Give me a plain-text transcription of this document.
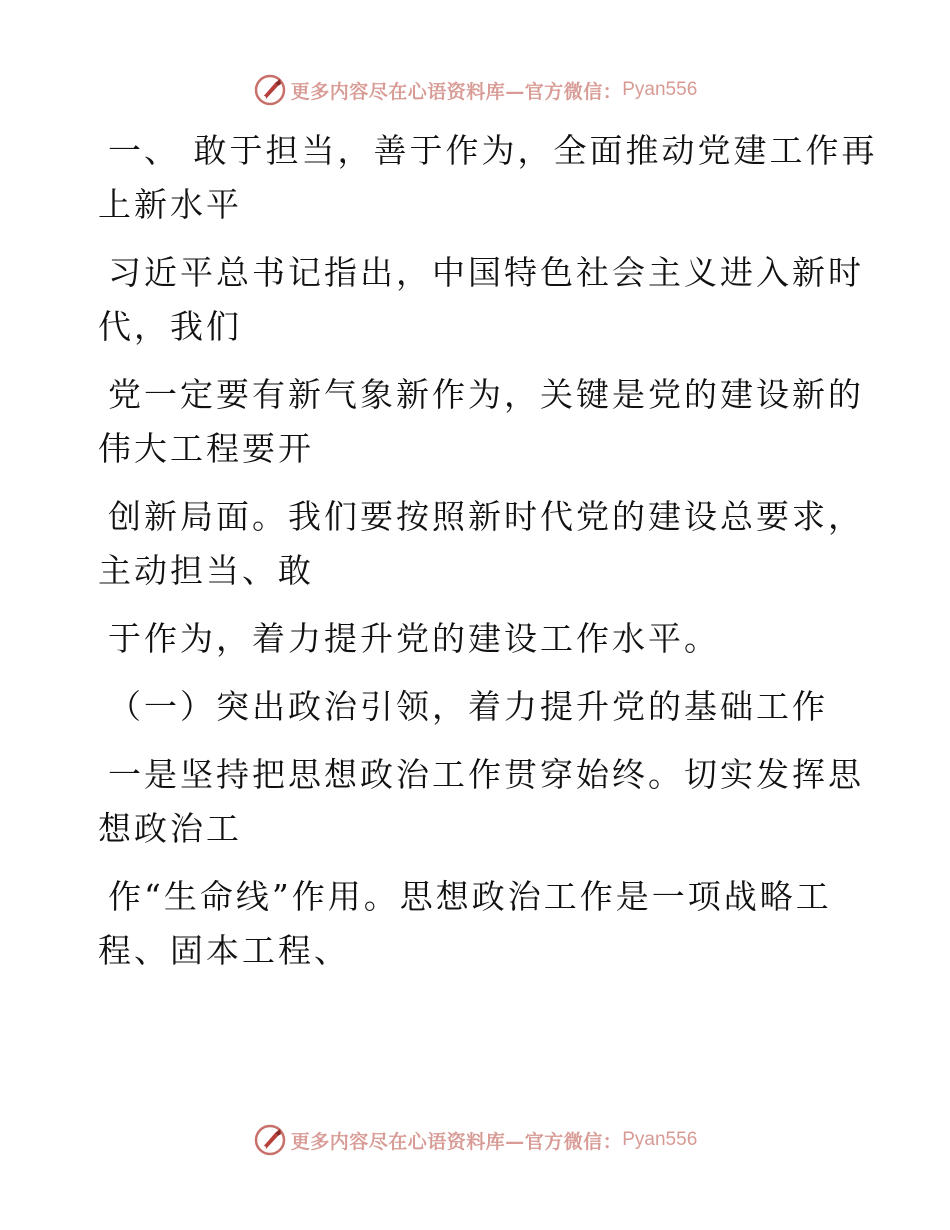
更多内容尽在心语资料库—官方微信： Pyan556
一、 敢于担当，善于作为，全面推动党建工作再
上新水平
习近平总书记指出，中国特色社会主义进入新时
代，我们
党一定要有新气象新作为，关键是党的建设新的
伟大工程要开
创新局面。我们要按照新时代党的建设总要求，
主动担当、敢
于作为，着力提升党的建设工作水平。
（一）突出政治引领，着力提升党的基础工作
一是坚持把思想政治工作贯穿始终。切实发挥思
想政治工
作“生命线”作用。思想政治工作是一项战略工
程、固本工程、
更多内容尽在心语资料库—官方微信： Pyan556
